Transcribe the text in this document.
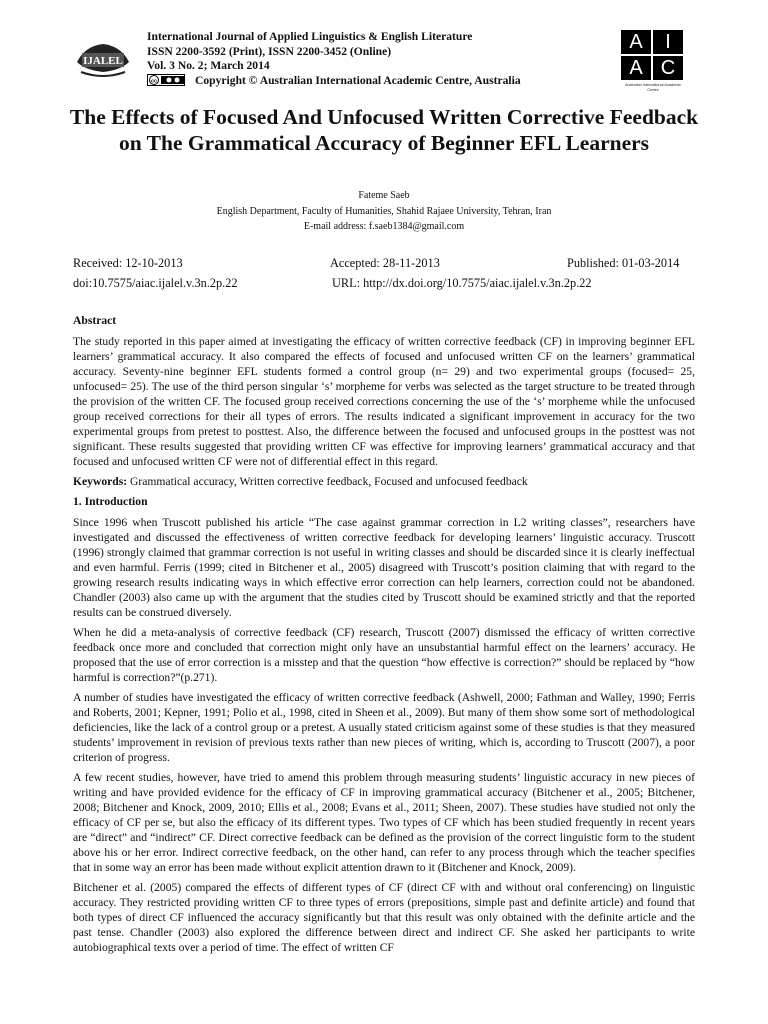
IJALEL
International Journal of Applied Linguistics & English Literature
ISSN 2200-3592 (Print), ISSN 2200-3452 (Online)
Vol. 3 No. 2; March 2014
cc	Copyright © Australian International Academic Centre, Australia
A	I
A C
Australian International Academic Centre
The Effects of Focused And Unfocused Written Corrective Feedback on The Grammatical Accuracy of Beginner EFL Learners
Fateme Saeb
English Department, Faculty of Humanities, Shahid Rajaee University, Tehran, Iran
E-mail address: f.saeb1384@gmail.com
Received: 12-10-2013	Accepted: 28-11-2013	Published: 01-03-2014
doi:10.7575/aiac.ijalel.v.3n.2p.22	URL: http://dx.doi.org/10.7575/aiac.ijalel.v.3n.2p.22
Abstract

The study reported in this paper aimed at investigating the efficacy of written corrective feedback (CF) in improving beginner EFL learners’ grammatical accuracy. It also compared the effects of focused and unfocused written CF on the learners’ grammatical accuracy. Seventy-nine beginner EFL students formed a control group (n= 29) and two experimental groups (focused= 25, unfocused= 25). The use of the third person singular ‘s’ morpheme for verbs was selected as the target structure to be treated through the provision of the written CF. The focused group received corrections concerning the use of the ‘s’ morpheme while the unfocused group received corrections for their all types of errors. The results indicated a significant improvement in accuracy for the two experimental groups from pretest to posttest. Also, the difference between the focused and unfocused groups in the posttest was not significant. These results suggested that providing written CF was effective for improving learners’ grammatical accuracy and that focused and unfocused written CF were not of differential effect in this regard.

Keywords: Grammatical accuracy, Written corrective feedback, Focused and unfocused feedback

1. Introduction

Since 1996 when Truscott published his article “The case against grammar correction in L2 writing classes”, researchers have investigated and discussed the effectiveness of written corrective feedback for developing learners’ linguistic accuracy. Truscott (1996) strongly claimed that grammar correction is not useful in writing classes and should be discarded since it is clearly ineffectual and even harmful. Ferris (1999; cited in Bitchener et al., 2005) disagreed with Truscott’s position claiming that with regard to the growing research results indicating ways in which effective error correction can help learners, correction could not be abandoned. Chandler (2003) also came up with the argument that the studies cited by Truscott should be examined strictly and that the reported results can be construed diversely.

When he did a meta-analysis of corrective feedback (CF) research, Truscott (2007) dismissed the efficacy of written corrective feedback once more and concluded that correction might only have an unsubstantial harmful effect on the learners’ accuracy. He proposed that the use of error correction is a misstep and that the question “how effective is correction?” should be replaced by “how harmful is correction?”(p.271).

A number of studies have investigated the efficacy of written corrective feedback (Ashwell, 2000; Fathman and Walley, 1990; Ferris and Roberts, 2001; Kepner, 1991; Polio et al., 1998, cited in Sheen et al., 2009). But many of them show some sort of methodological deficiencies, like the lack of a control group or a pretest. A usually stated criticism against some of these studies is that they measured students’ improvement in revision of previous texts rather than new pieces of writing, which is, according to Truscott (2007), a poor criterion of progress.

A few recent studies, however, have tried to amend this problem through measuring students’ linguistic accuracy in new pieces of writing and have provided evidence for the efficacy of CF in improving grammatical accuracy (Bitchener et al., 2005; Bitchener, 2008; Bitchener and Knock, 2009, 2010; Ellis et al., 2008; Evans et al., 2011; Sheen, 2007). These studies have studied not only the efficacy of CF per se, but also the efficacy of its different types. Two types of CF which has been studied frequently in recent years are “direct” and “indirect” CF. Direct corrective feedback can be defined as the provision of the correct linguistic form to the student above his or her error. Indirect corrective feedback, on the other hand, can refer to any process through which the teacher specifies that in some way an error has been made without explicit attention drawn to it (Bitchener and Knock, 2009).

Bitchener et al. (2005) compared the effects of different types of CF (direct CF with and without oral conferencing) on linguistic accuracy. They restricted providing written CF to three types of errors (prepositions, simple past and definite article) and found that both types of direct CF influenced the accuracy significantly but that this result was only obtained with the definite article and the past tense. Chandler (2003) also explored the difference between direct and indirect CF. She asked her participants to write autobiographical texts over a period of time. The effect of written CF
